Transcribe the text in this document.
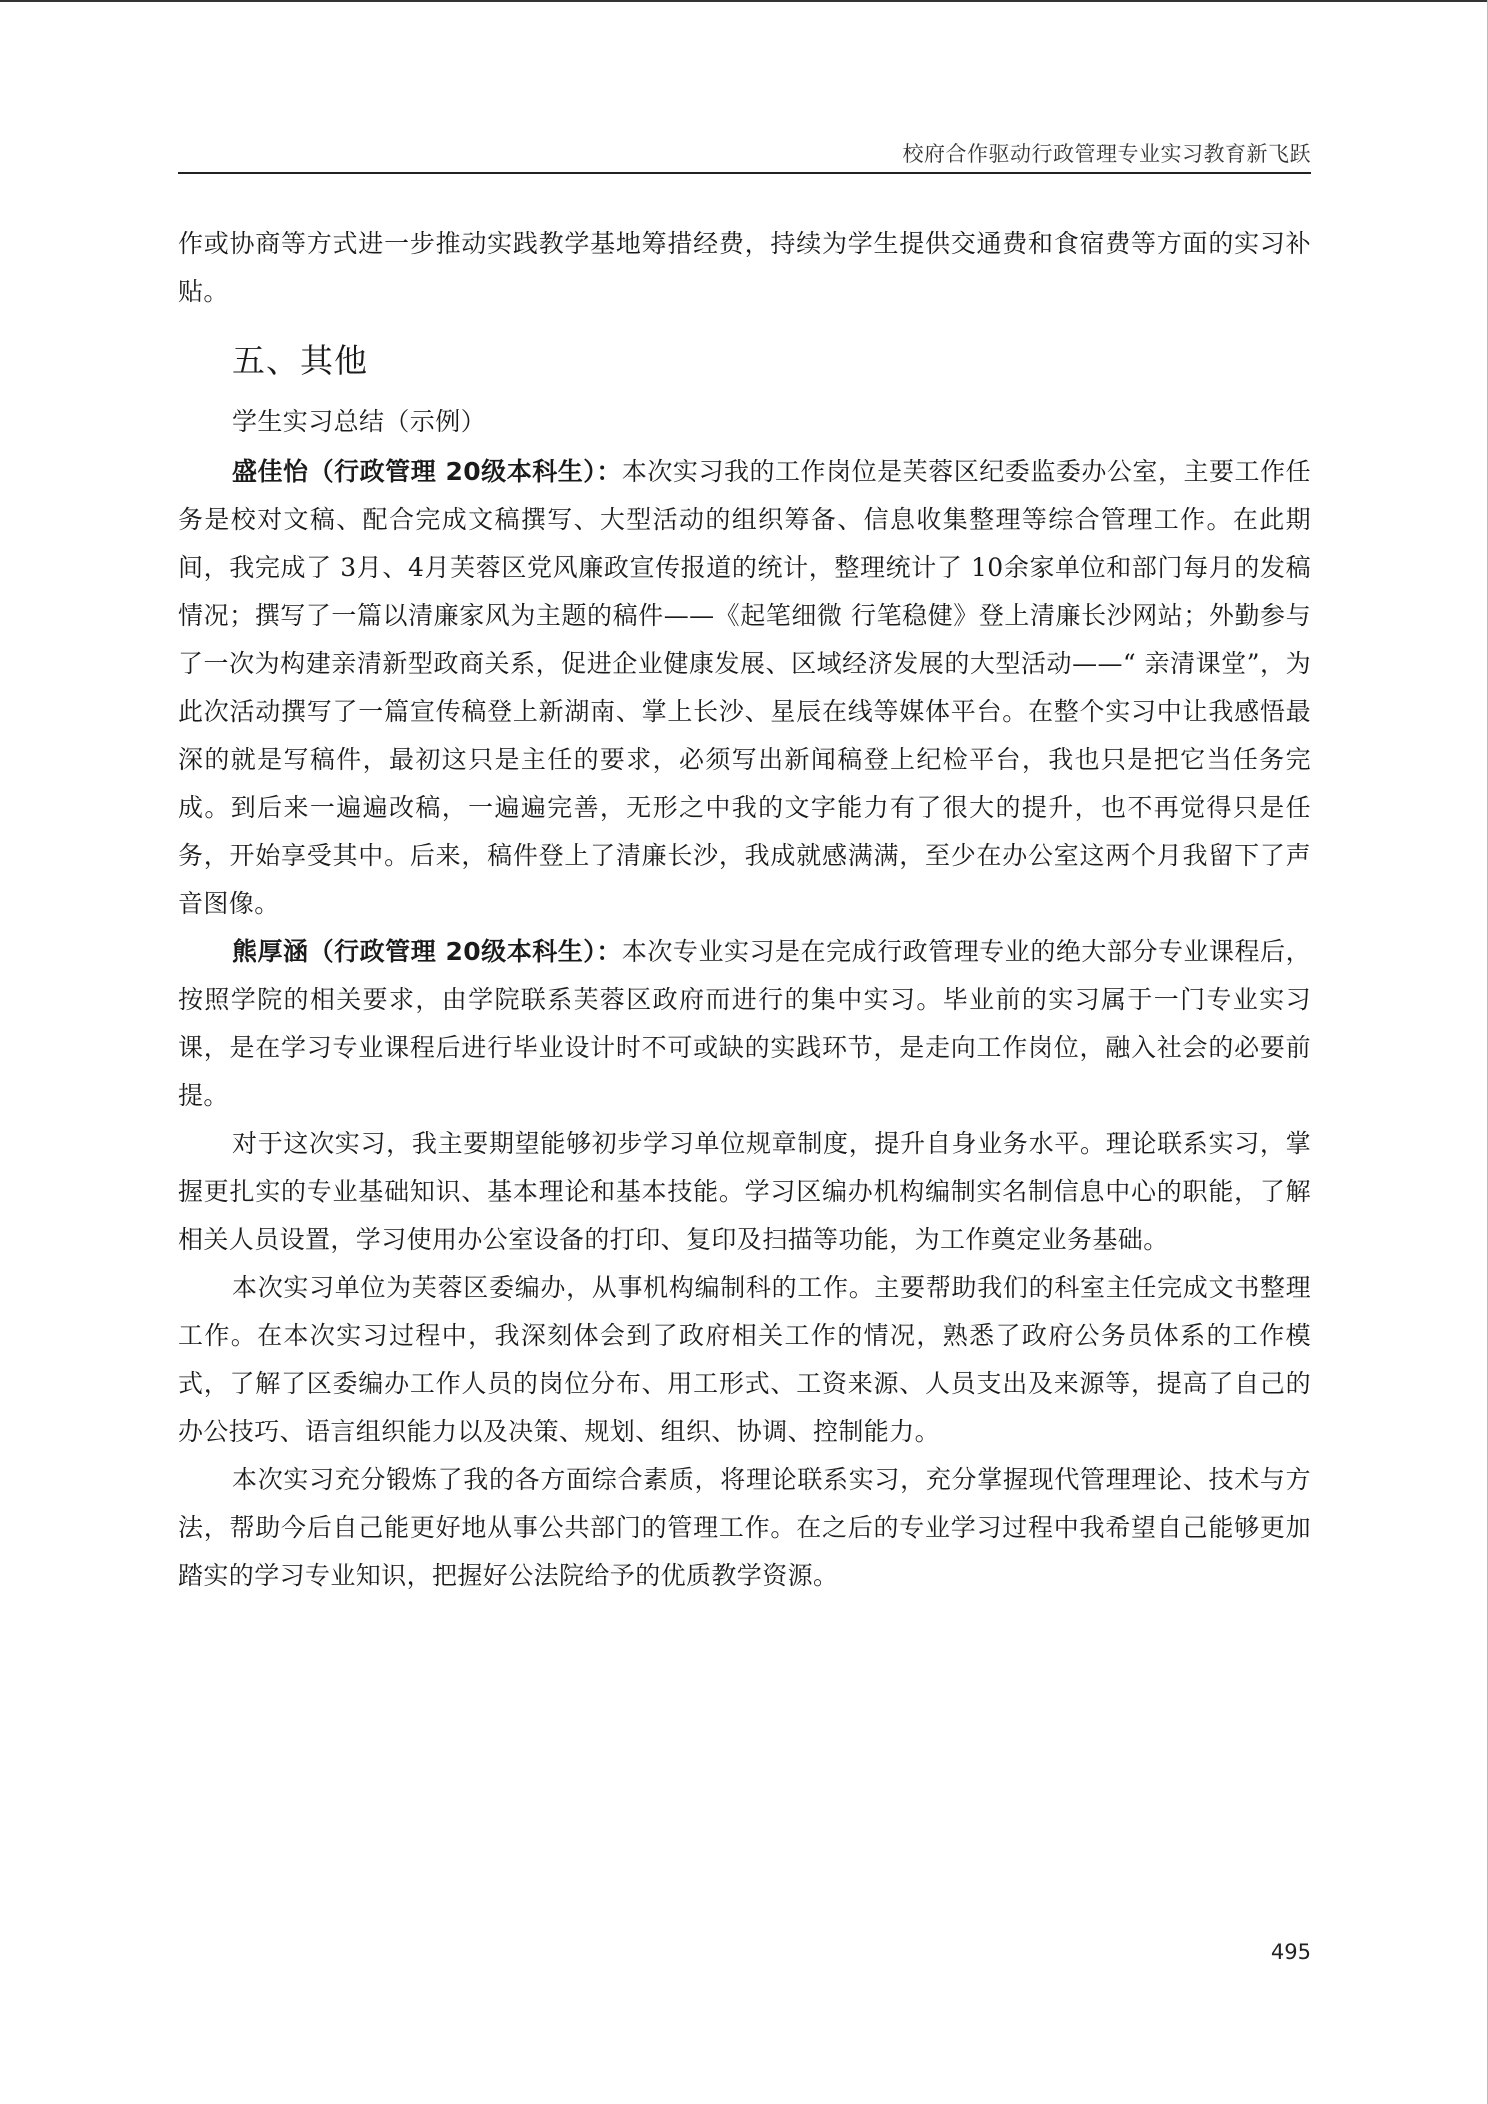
校府合作驱动行政管理专业实习教育新飞跃

作或协商等方式进一步推动实践教学基地筹措经费，持续为学生提供交通费和食宿费等方面的实习补贴。

五、其他

学生实习总结（示例）

盛佳怡（行政管理 20级本科生）：本次实习我的工作岗位是芙蓉区纪委监委办公室，主要工作任务是校对文稿、配合完成文稿撰写、大型活动的组织筹备、信息收集整理等综合管理工作。在此期间，我完成了 3月、4月芙蓉区党风廉政宣传报道的统计，整理统计了 10余家单位和部门每月的发稿情况；撰写了一篇以清廉家风为主题的稿件——《起笔细微 行笔稳健》登上清廉长沙网站；外勤参与了一次为构建亲清新型政商关系，促进企业健康发展、区域经济发展的大型活动——“ 亲清课堂”，为此次活动撰写了一篇宣传稿登上新湖南、掌上长沙、星辰在线等媒体平台。在整个实习中让我感悟最深的就是写稿件，最初这只是主任的要求，必须写出新闻稿登上纪检平台，我也只是把它当任务完成。到后来一遍遍改稿，一遍遍完善，无形之中我的文字能力有了很大的提升，也不再觉得只是任务，开始享受其中。后来，稿件登上了清廉长沙，我成就感满满，至少在办公室这两个月我留下了声音图像。

熊厚涵（行政管理 20级本科生）：本次专业实习是在完成行政管理专业的绝大部分专业课程后，按照学院的相关要求，由学院联系芙蓉区政府而进行的集中实习。毕业前的实习属于一门专业实习课，是在学习专业课程后进行毕业设计时不可或缺的实践环节，是走向工作岗位，融入社会的必要前提。

对于这次实习，我主要期望能够初步学习单位规章制度，提升自身业务水平。理论联系实习，掌握更扎实的专业基础知识、基本理论和基本技能。学习区编办机构编制实名制信息中心的职能，了解相关人员设置，学习使用办公室设备的打印、复印及扫描等功能，为工作奠定业务基础。

本次实习单位为芙蓉区委编办，从事机构编制科的工作。主要帮助我们的科室主任完成文书整理工作。在本次实习过程中，我深刻体会到了政府相关工作的情况，熟悉了政府公务员体系的工作模式，了解了区委编办工作人员的岗位分布、用工形式、工资来源、人员支出及来源等，提高了自己的办公技巧、语言组织能力以及决策、规划、组织、协调、控制能力。

本次实习充分锻炼了我的各方面综合素质，将理论联系实习，充分掌握现代管理理论、技术与方法，帮助今后自己能更好地从事公共部门的管理工作。在之后的专业学习过程中我希望自己能够更加踏实的学习专业知识，把握好公法院给予的优质教学资源。

495
